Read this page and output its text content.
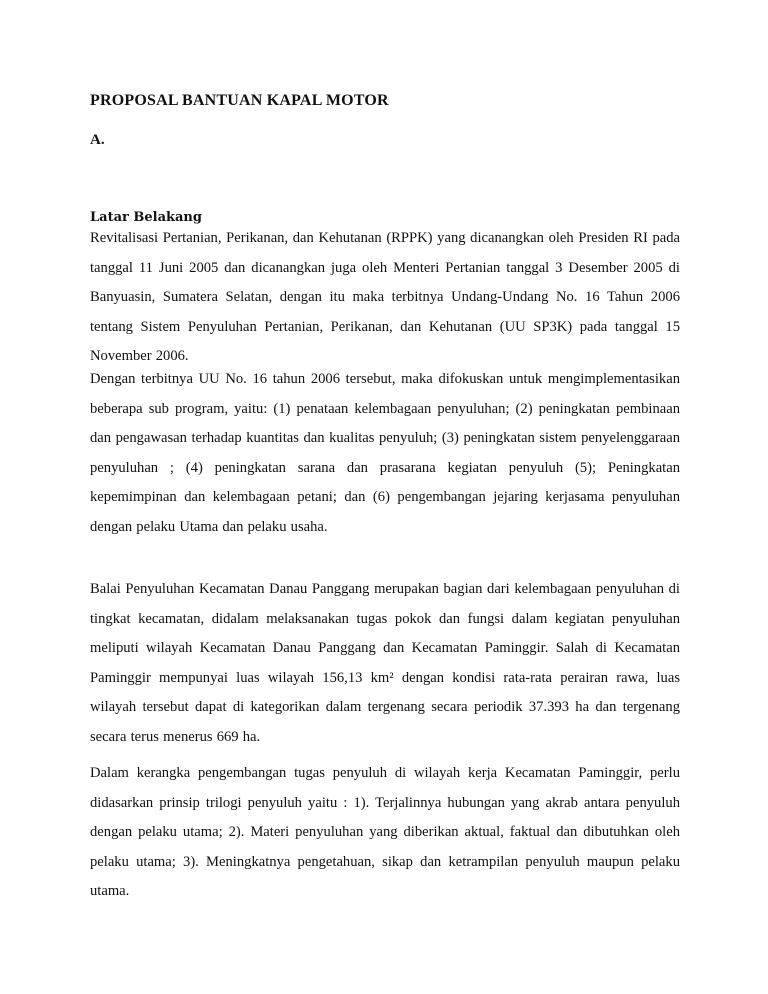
PROPOSAL BANTUAN KAPAL MOTOR
A.
Latar Belakang

Revitalisasi Pertanian, Perikanan, dan Kehutanan (RPPK) yang dicanangkan oleh Presiden RI pada tanggal 11 Juni 2005 dan dicanangkan juga oleh Menteri Pertanian tanggal 3 Desember 2005 di Banyuasin, Sumatera Selatan, dengan itu maka terbitnya Undang-Undang No. 16 Tahun 2006 tentang Sistem Penyuluhan Pertanian, Perikanan, dan Kehutanan (UU SP3K) pada tanggal 15 November 2006.

Dengan terbitnya UU No. 16 tahun 2006 tersebut, maka difokuskan untuk mengimplementasikan beberapa sub program, yaitu: (1) penataan kelembagaan penyuluhan; (2) peningkatan pembinaan dan pengawasan terhadap kuantitas dan kualitas penyuluh; (3) peningkatan sistem penyelenggaraan penyuluhan ; (4) peningkatan sarana dan prasarana kegiatan penyuluh (5); Peningkatan kepemimpinan dan kelembagaan petani; dan (6) pengembangan jejaring kerjasama penyuluhan dengan pelaku Utama dan pelaku usaha.

Balai Penyuluhan Kecamatan Danau Panggang merupakan bagian dari kelembagaan penyuluhan di tingkat kecamatan, didalam melaksanakan tugas pokok dan fungsi dalam kegiatan penyuluhan meliputi wilayah Kecamatan Danau Panggang dan Kecamatan Paminggir. Salah di Kecamatan Paminggir mempunyai luas wilayah 156,13 km² dengan kondisi rata-rata perairan rawa, luas wilayah tersebut dapat di kategorikan dalam tergenang secara periodik 37.393 ha dan tergenang secara terus menerus 669 ha.

Dalam kerangka pengembangan tugas penyuluh di wilayah kerja Kecamatan Paminggir, perlu didasarkan prinsip trilogi penyuluh yaitu : 1). Terjalinnya hubungan yang akrab antara penyuluh dengan pelaku utama; 2). Materi penyuluhan yang diberikan aktual, faktual dan dibutuhkan oleh pelaku utama; 3). Meningkatnya pengetahuan, sikap dan ketrampilan penyuluh maupun pelaku utama.
